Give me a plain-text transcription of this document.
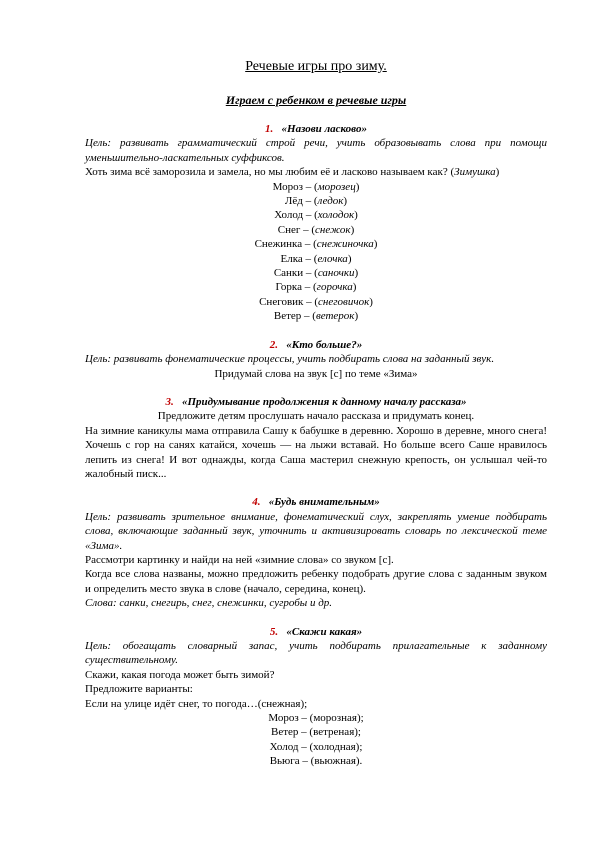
Речевые игры про зиму.
Играем с ребенком в речевые игры
1. «Назови ласково»
Цель: развивать грамматический строй речи, учить образовывать слова при помощи уменьшительно-ласкательных суффиксов.
Хоть зима всё заморозила и замела, но мы любим её и ласково называем как? (Зимушка)
Мороз – (морозец)
Лёд – (ледок)
Холод – (холодок)
Снег – (снежок)
Снежинка – (снежиночка)
Елка – (елочка)
Санки – (саночки)
Горка – (горочка)
Снеговик – (снеговичок)
Ветер – (ветерок)
2. «Кто больше?»
Цель: развивать фонематические процессы, учить подбирать слова на заданный звук.
Придумай слова на звук [с] по теме «Зима»
3. «Придумывание продолжения к данному началу рассказа»
Предложите детям прослушать начало рассказа и придумать конец.
На зимние каникулы мама отправила Сашу к бабушке в деревню. Хорошо в деревне, много снега! Хочешь с гор на санях катайся, хочешь — на лыжи вставай. Но больше всего Саше нравилось лепить из снега! И вот однажды, когда Саша мастерил снежную крепость, он услышал чей-то жалобный писк...
4. «Будь внимательным»
Цель: развивать зрительное внимание, фонематический слух, закреплять умение подбирать слова, включающие заданный звук, уточнить и активизировать словарь по лексической теме «Зима».
Рассмотри картинку и найди на ней «зимние слова» со звуком [с].
Когда все слова названы, можно предложить ребенку подобрать другие слова с заданным звуком и определить место звука в слове (начало, середина, конец).
Слова: санки, снегирь, снег, снежинки, сугробы и др.
5. «Скажи какая»
Цель: обогащать словарный запас, учить подбирать прилагательные к заданному существительному.
Скажи, какая погода может быть зимой?
Предложите варианты:
Если на улице идёт снег, то погода…(снежная);
Мороз – (морозная);
Ветер – (ветреная);
Холод – (холодная);
Вьюга – (вьюжная).
